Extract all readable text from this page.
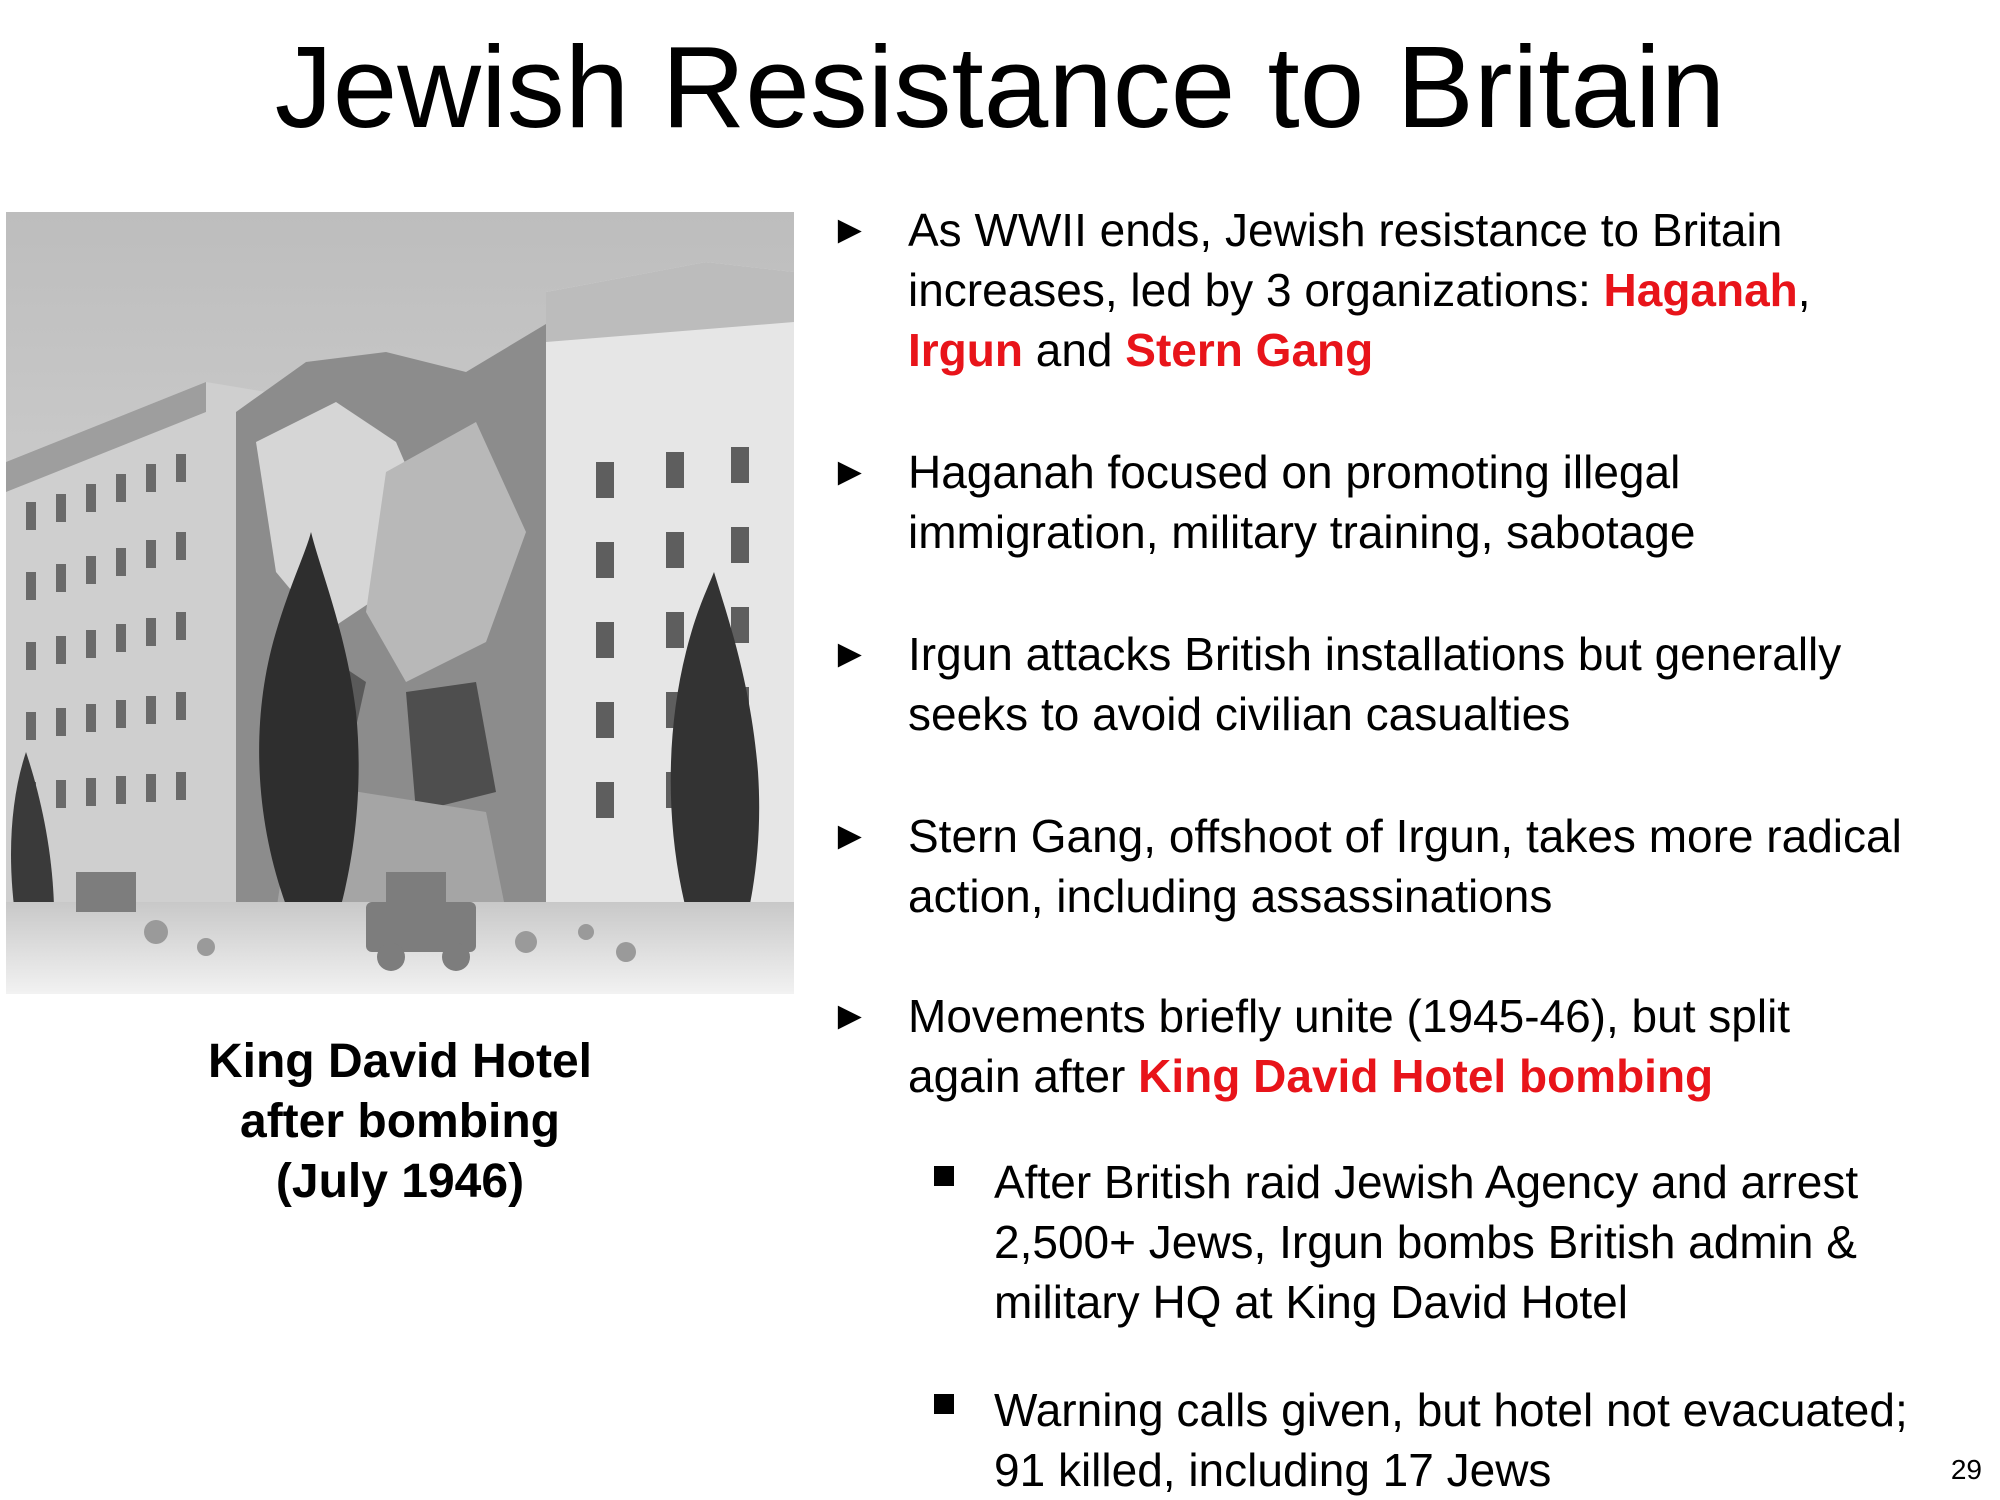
Jewish Resistance to Britain
King David Hotel
after bombing
(July 1946)
► As WWII ends, Jewish resistance to Britain
increases, led by 3 organizations: Haganah,
Irgun and Stern Gang
► Haganah focused on promoting illegal
immigration, military training, sabotage
► Irgun attacks British installations but generally
seeks to avoid civilian casualties
► Stern Gang, offshoot of Irgun, takes more radical
action, including assassinations
► Movements briefly unite (1945-46), but split
again after King David Hotel bombing
After British raid Jewish Agency and arrest
2,500+ Jews, Irgun bombs British admin &
military HQ at King David Hotel
Warning calls given, but hotel not evacuated;
91 killed, including 17 Jews	29
